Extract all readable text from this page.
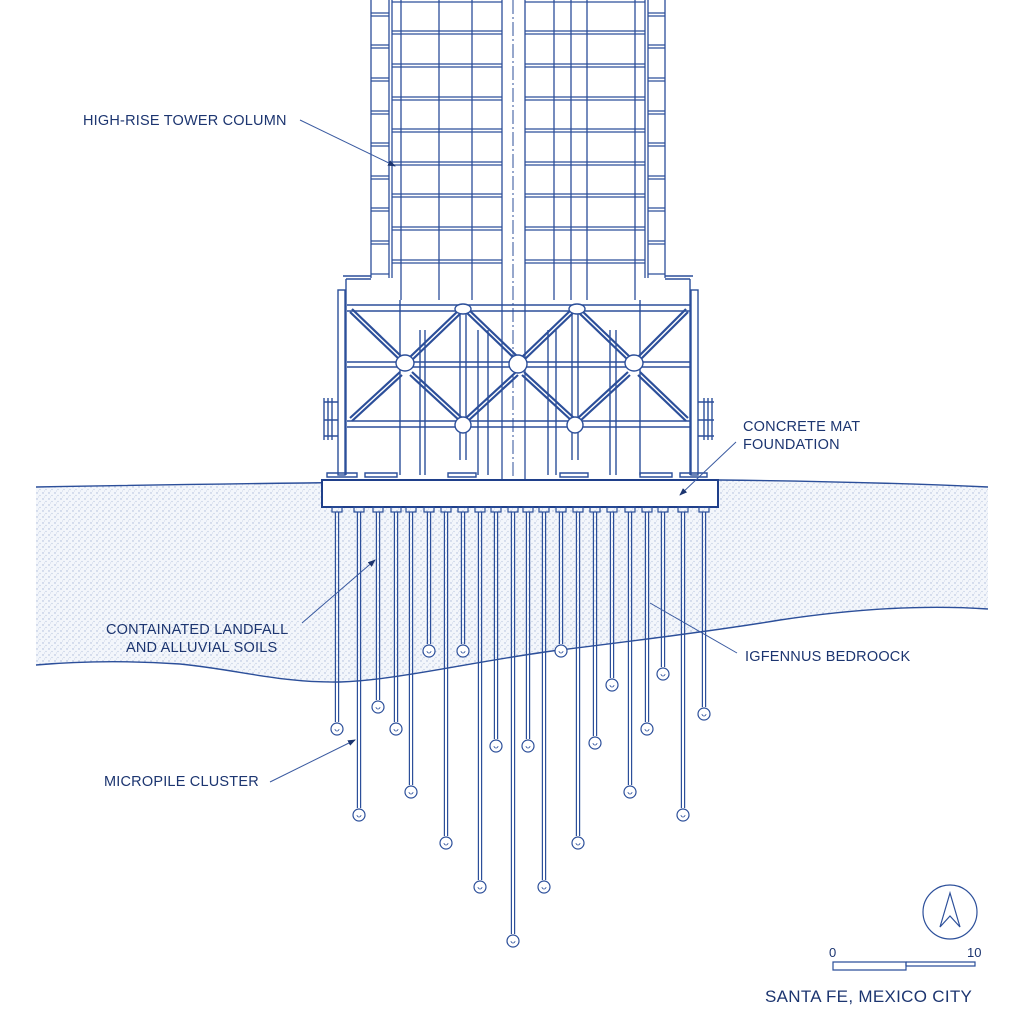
HIGH-RISE TOWER COLUMN
CONCRETE MAT
FOUNDATION
CONTAINATED LANDFALL
AND ALLUVIAL SOILS
IGFENNUS BEDROOCK
MICROPILE CLUSTER
0	10
SANTA FE, MEXICO CITY
